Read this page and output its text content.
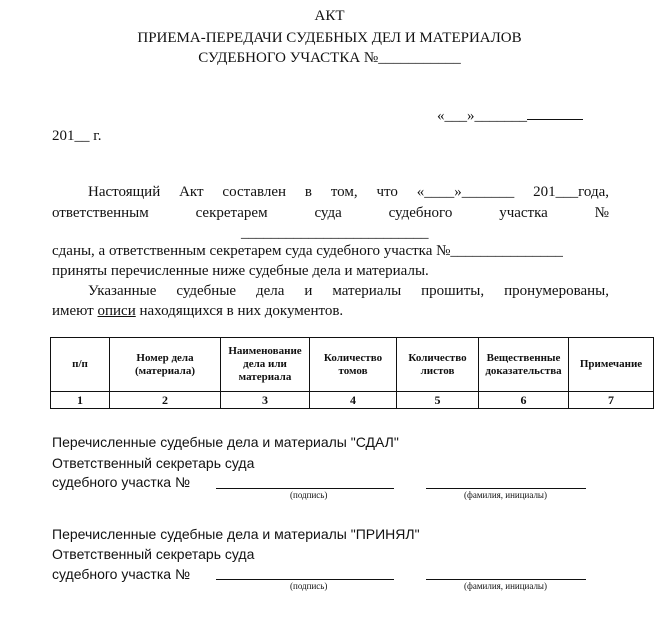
АКТ
ПРИЕМА-ПЕРЕДАЧИ СУДЕБНЫХ ДЕЛ И МАТЕРИАЛОВ
СУДЕБНОГО УЧАСТКА №___________
«___»_______
201__ г.
Настоящий Акт составлен в том, что «____»_______ 201___года,
ответственным	секретарем	суда	судебного	участка	№
_________________________
сданы, а ответственным секретарем суда судебного участка №_______________
приняты перечисленные ниже судебные дела и материалы.
Указанные судебные дела и материалы прошиты, пронумерованы,
имеют описи находящихся в них документов.
п/п	Номер дела (материала)	Наименование дела или материала	Количество томов	Количество листов	Вещественные доказательства	Примечание
1	2	3	4	5	6	7
Перечисленные судебные дела и материалы "СДАЛ"
Ответственный секретарь суда
судебного участка №
(подпись)	(фамилия, инициалы)
Перечисленные судебные дела и материалы "ПРИНЯЛ"
Ответственный секретарь суда
судебного участка №
(подпись)	(фамилия, инициалы)
